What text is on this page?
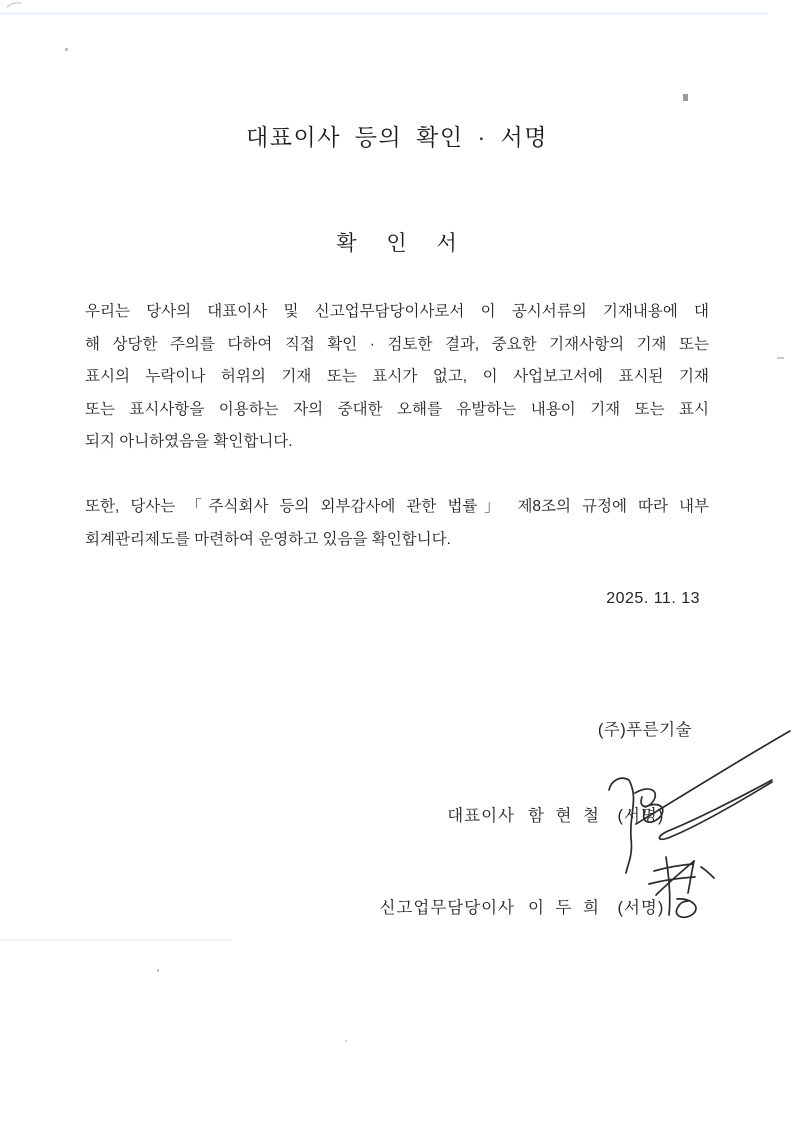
대표이사 등의 확인 · 서명
확 인 서
우리는 당사의 대표이사 및 신고업무담당이사로서 이 공시서류의 기재내용에 대
해 상당한 주의를 다하여 직접 확인 · 검토한 결과, 중요한 기재사항의 기재 또는
표시의 누락이나 허위의 기재 또는 표시가 없고, 이 사업보고서에 표시된 기재
또는 표시사항을 이용하는 자의 중대한 오해를 유발하는 내용이 기재 또는 표시
되지 아니하였음을 확인합니다.
또한, 당사는 「주식회사 등의 외부감사에 관한 법률」 제8조의 규정에 따라 내부
회계관리제도를 마련하여 운영하고 있음을 확인합니다.
2025. 11. 13
(주)푸른기술
대표이사 함 현 철 (서명)
신고업무담당이사 이 두 희 (서명)
